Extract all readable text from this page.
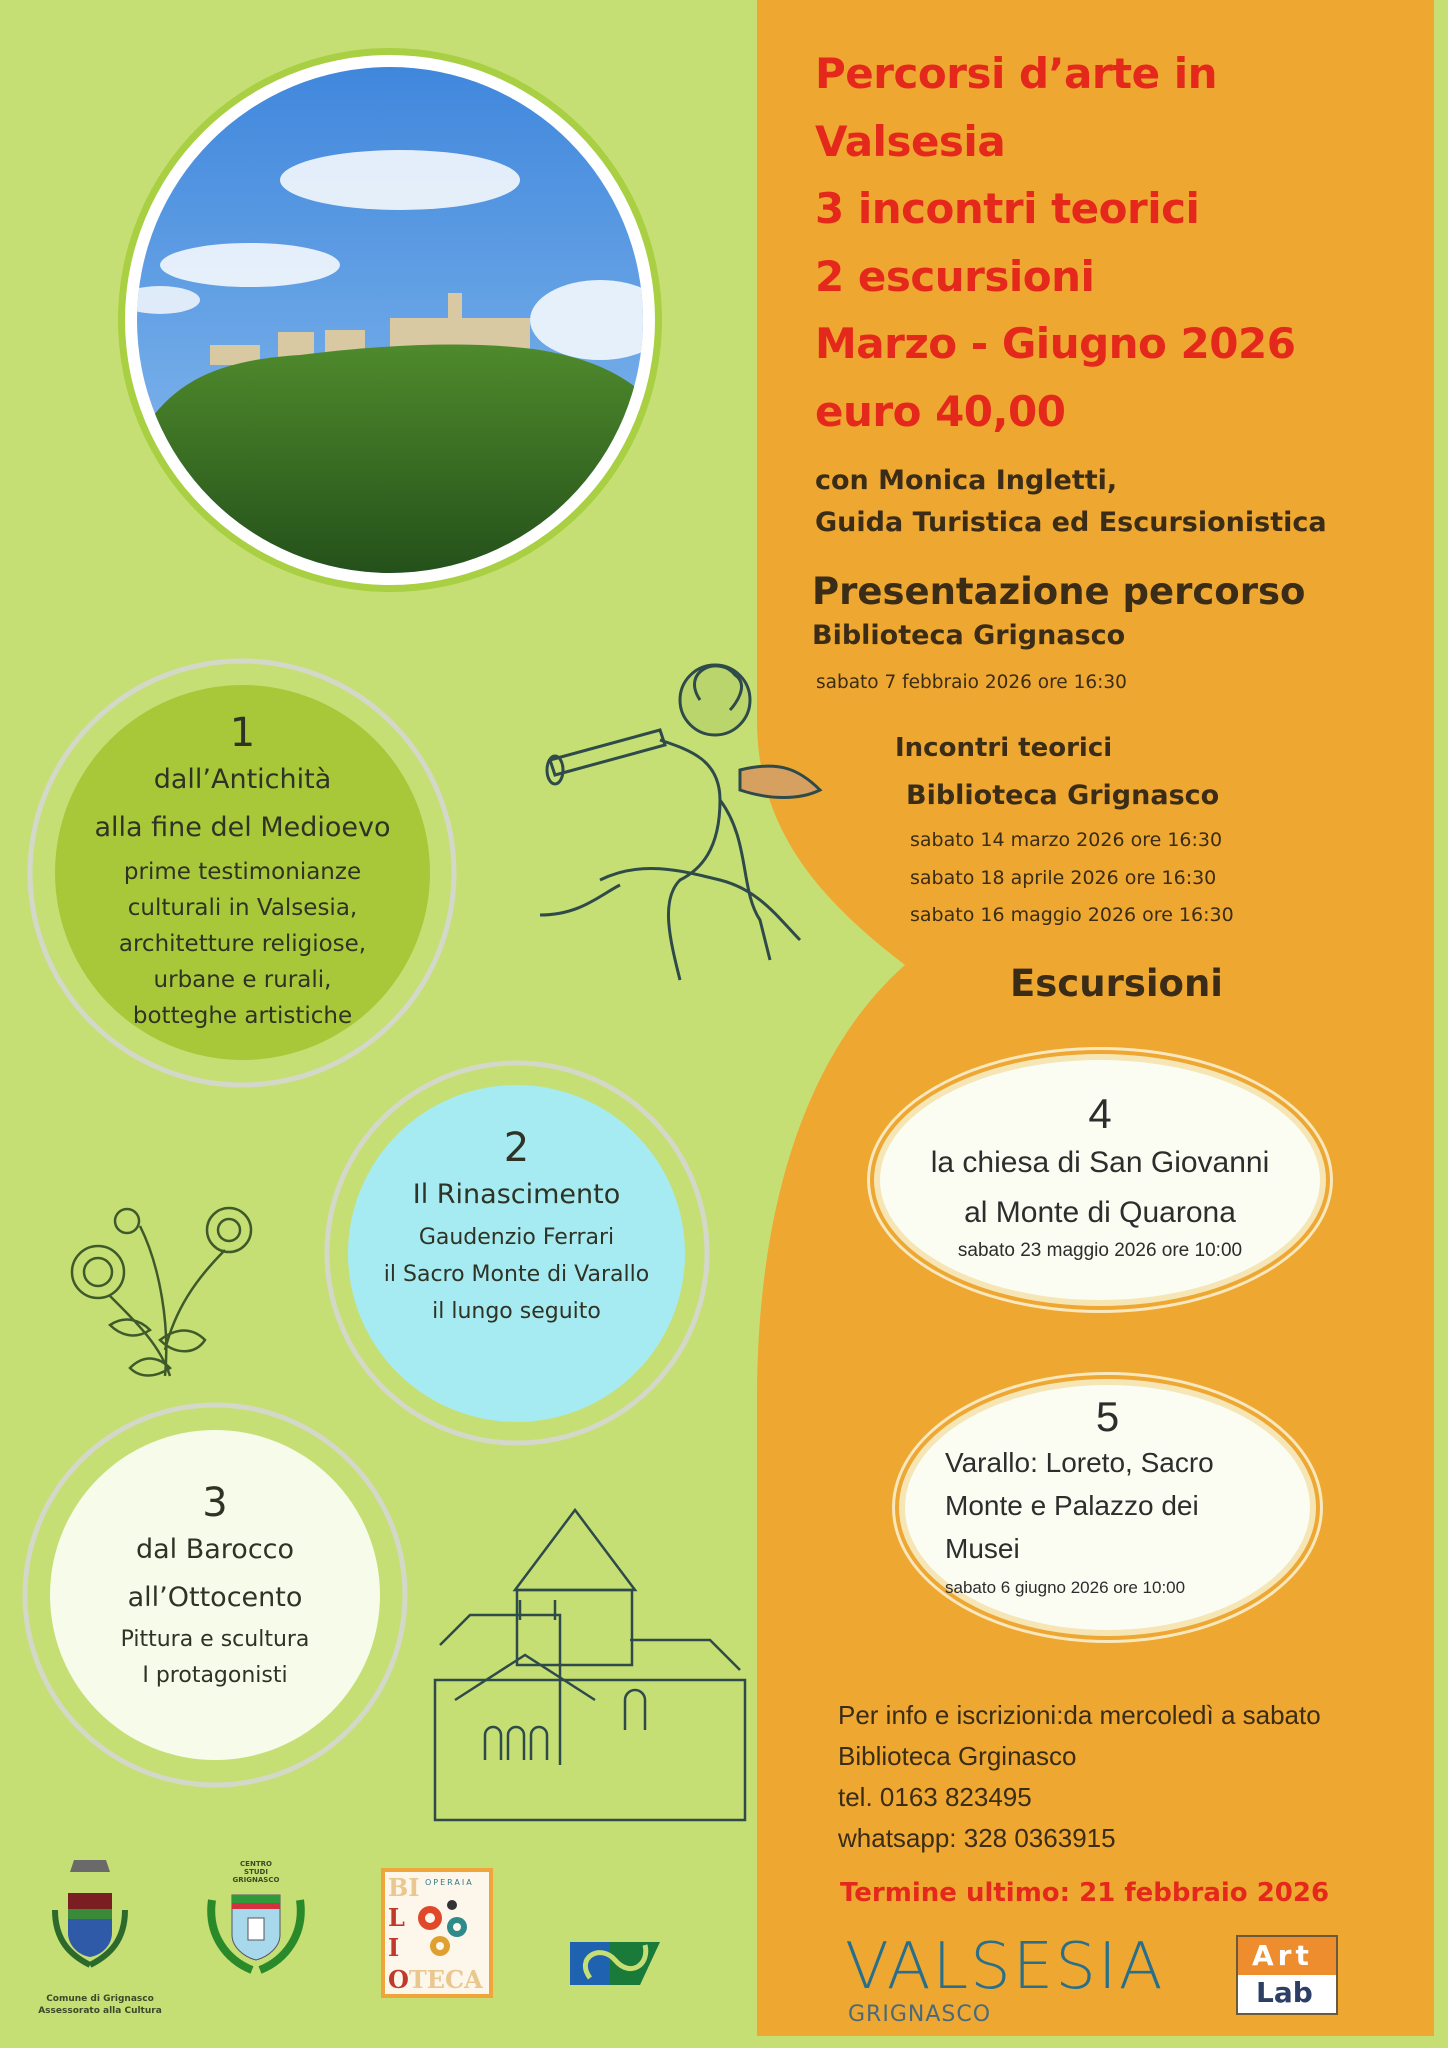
Percorsi d’arte in
Valsesia
3 incontri teorici
2 escursioni
Marzo - Giugno 2026
euro 40,00
con Monica Ingletti,
Guida Turistica ed Escursionistica
Presentazione percorso
Biblioteca Grignasco
sabato 7 febbraio 2026 ore 16:30
Incontri teorici
Biblioteca Grignasco
sabato 14 marzo 2026 ore 16:30
sabato 18 aprile 2026 ore 16:30
sabato 16 maggio 2026 ore 16:30
Escursioni
4
la chiesa di San Giovanni
al Monte di Quarona
sabato 23 maggio 2026 ore 10:00
5
Varallo: Loreto, Sacro
Monte e Palazzo dei
Musei
sabato 6 giugno 2026 ore 10:00
1
dall’Antichità
alla fine del Medioevo
prime testimonianze
culturali in Valsesia,
architetture religiose,
urbane e rurali,
botteghe artistiche
2
Il Rinascimento
Gaudenzio Ferrari
il Sacro Monte di Varallo
il lungo seguito
3
dal Barocco
all’Ottocento
Pittura e scultura
I protagonisti
Per info e iscrizioni:da mercoledì a sabato
Biblioteca Grginasco
tel. 0163 823495
whatsapp: 328 0363915
Termine ultimo: 21 febbraio 2026
Comune di Grignasco
Assessorato alla Cultura
CENTRO
STUDI
GRIGNASCO	BI
L
I
OTECA
OPERAIA
VALSESIA
GRIGNASCO
Art
Lab
